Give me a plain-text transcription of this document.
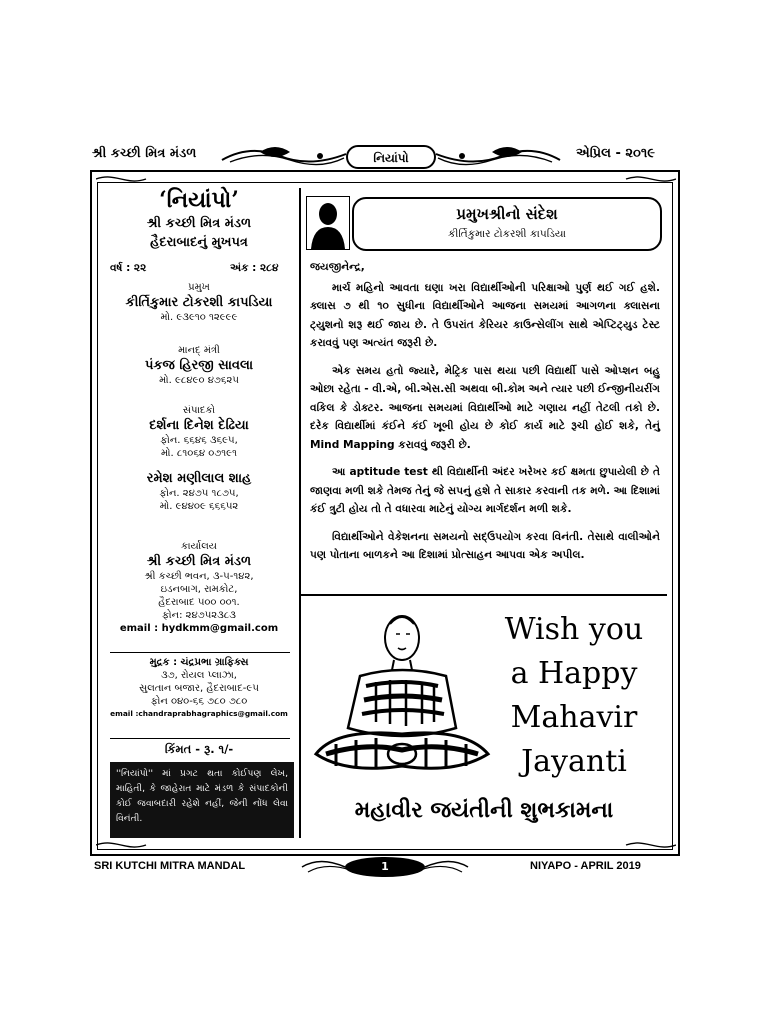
શ્રી કચ્છી મિત્ર મંડળ	નિયાંપો	એપ્રિલ - ૨૦૧૯
‘નિયાંપો’
શ્રી કચ્છી મિત્ર મંડળ
હૈદરાબાદનું મુખપત્ર
વર્ષ : ૨૨	અંક : ૨૮૪
પ્રમુખ
કીર્તિકુમાર ટોકરશી કાપડિયા
મો. ૯૩૯૧૦ ૧૨૯૯૯
માનદ્ મંત્રી
પંકજ હિરજી સાવલા
મો. ૯૮૪૯૦ ૪૭૬૨૫
સંપાદકો
દર્શના દિનેશ દેઢિયા
ફોન. ૬૬૪૬ ૩૬૯૫,
મો. ૮૧૦૬૪ ૦૭૧૯૧
રમેશ મણીલાલ શાહ
ફોન. ૨૪૭૫ ૧૮૭૫,
મો. ૯૪૪૦૯ ૬૬૬૫૨
કાર્યાલય
શ્રી કચ્છી મિત્ર મંડળ
શ્રી કચ્છી ભવન, ૩-૫-૧૪૨,
ઇડનબાગ, રામકોટ,
હૈદરાબાદ ૫૦૦ ૦૦૧.
ફોન: ૨૪૭૫૨૩૮૩
email : hydkmm@gmail.com
મુદ્રક : ચંદ્રપ્રભા ગ્રાફિક્સ
૩૭, રોયલ પ્લાઝા,
સુલતાન બજાર, હૈદરાબાદ-૯૫
ફોન ૦૪૦-૬૬ ૭૮૦ ૭૮૦
email :chandraprabhagraphics@gmail.com
કિંમત - રૂ. ૧/-
''નિયાંપો'' માં પ્રગટ થતા કોઈપણ લેખ, માહિતી, કે જાહેરાત માટે મંડળ કે સંપાદકોની કોઈ જવાબદારી રહેશે નહીં, જેની નોંધ લેવા વિનંતી.
પ્રમુખશ્રીનો સંદેશ
કીર્તિકુમાર ટોકરશી કાપડિયા

જયજીનેન્દ્ર,

માર્ચ મહિનો આવતા ઘણા ખરા વિદ્યાર્થીઓની પરિક્ષાઓ પુર્ણ થઈ ગઈ હશે. ક્લાસ ૭ થી ૧૦ સુધીના વિદ્યાર્થીઓને આજના સમયમાં આગળના ક્લાસના ટ્યુશનો શરૂ થઈ જાય છે. તે ઉપરાંત કેરિયર કાઉન્સેલીંગ સાથે એપ્ટિટ્યુડ ટેસ્ટ કરાવવું પણ અત્યંત જરૂરી છે.

એક સમય હતો જ્યારે, મેટ્રિક પાસ થયા પછી વિદ્યાર્થી પાસે ઓપ્શન બહુ ઓછા રહેતા - વી.એ, બી.એસ.સી અથવા બી.કોમ અને ત્યાર પછી ઈન્જીનીયરીંગ વકિલ કે ડોક્ટર. આજના સમયમાં વિદ્યાર્થીઓ માટે ગણાય નહીં તેટલી તકો છે. દરેક વિદ્યાર્થીમાં કંઈને કંઈ ખૂબી હોય છે કોઈ કાર્ય માટે રૂચી હોઈ શકે, તેનું Mind Mapping કરાવવું જરૂરી છે.

આ aptitude test થી વિદ્યાર્થીની અંદર ખરેખર કઈ ક્ષમતા છુપાયેલી છે તે જાણવા મળી શકે તેમજ તેનું જે સપનું હશે તે સાકાર કરવાની તક મળે. આ દિશામાં કંઈ ત્રુટી હોય તો તે વધારવા માટેનું યોગ્ય માર્ગદર્શન મળી શકે.

વિદ્યાર્થીઓને વેકેશનના સમયનો સદ્ઉપયોગ કરવા વિનંતી. તેસાથે વાલીઓને પણ પોતાના બાળકને આ દિશામાં પ્રોત્સાહન આપવા એક અપીલ.

Wish you
a Happy
Mahavir
Jayanti
મહાવીર જયંતીની શુભકામના
SRI KUTCHI MITRA MANDAL	1	NIYAPO - APRIL 2019
